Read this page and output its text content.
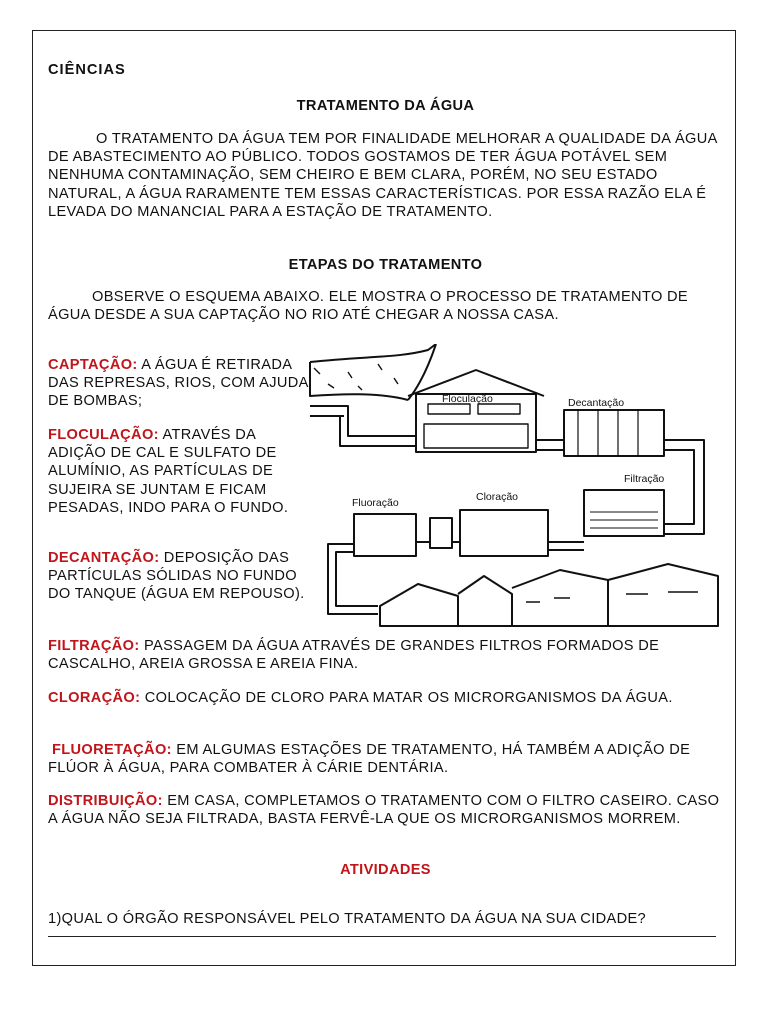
CIÊNCIAS

TRATAMENTO DA ÁGUA

O TRATAMENTO DA ÁGUA TEM POR FINALIDADE MELHORAR A QUALIDADE DA ÁGUA DE ABASTECIMENTO AO PÚBLICO. TODOS GOSTAMOS DE TER ÁGUA POTÁVEL SEM NENHUMA CONTAMINAÇÃO, SEM CHEIRO E BEM CLARA, PORÉM, NO SEU ESTADO NATURAL, A ÁGUA RARAMENTE TEM ESSAS CARACTERÍSTICAS. POR ESSA RAZÃO ELA É LEVADA DO MANANCIAL PARA A ESTAÇÃO DE TRATAMENTO.

ETAPAS DO TRATAMENTO

OBSERVE O ESQUEMA ABAIXO. ELE MOSTRA O PROCESSO DE TRATAMENTO DE ÁGUA DESDE A SUA CAPTAÇÃO NO RIO ATÉ CHEGAR A NOSSA CASA.

CAPTAÇÃO: A ÁGUA É RETIRADA DAS REPRESAS, RIOS, COM AJUDA DE BOMBAS;

FLOCULAÇÃO: ATRAVÉS DA ADIÇÃO DE CAL E SULFATO DE ALUMÍNIO, AS PARTÍCULAS DE SUJEIRA SE JUNTAM E FICAM PESADAS, INDO PARA O FUNDO.

DECANTAÇÃO: DEPOSIÇÃO DAS PARTÍCULAS SÓLIDAS NO FUNDO DO TANQUE (ÁGUA EM REPOUSO).

FILTRAÇÃO: PASSAGEM DA ÁGUA ATRAVÉS DE GRANDES FILTROS FORMADOS DE CASCALHO, AREIA GROSSA E AREIA FINA.

CLORAÇÃO: COLOCAÇÃO DE CLORO PARA MATAR OS MICRORGANISMOS DA ÁGUA.

FLUORETAÇÃO: EM ALGUMAS ESTAÇÕES DE TRATAMENTO, HÁ TAMBÉM A ADIÇÃO DE FLÚOR À ÁGUA, PARA COMBATER À CÁRIE DENTÁRIA.

DISTRIBUIÇÃO: EM CASA, COMPLETAMOS O TRATAMENTO COM O FILTRO CASEIRO. CASO A ÁGUA NÃO SEJA FILTRADA, BASTA FERVÊ-LA QUE OS MICRORGANISMOS MORREM.

ATIVIDADES

1)QUAL O ÓRGÃO RESPONSÁVEL PELO TRATAMENTO DA ÁGUA NA SUA CIDADE?

Floculação	Decantação
Filtração
Fluoração	Cloração
